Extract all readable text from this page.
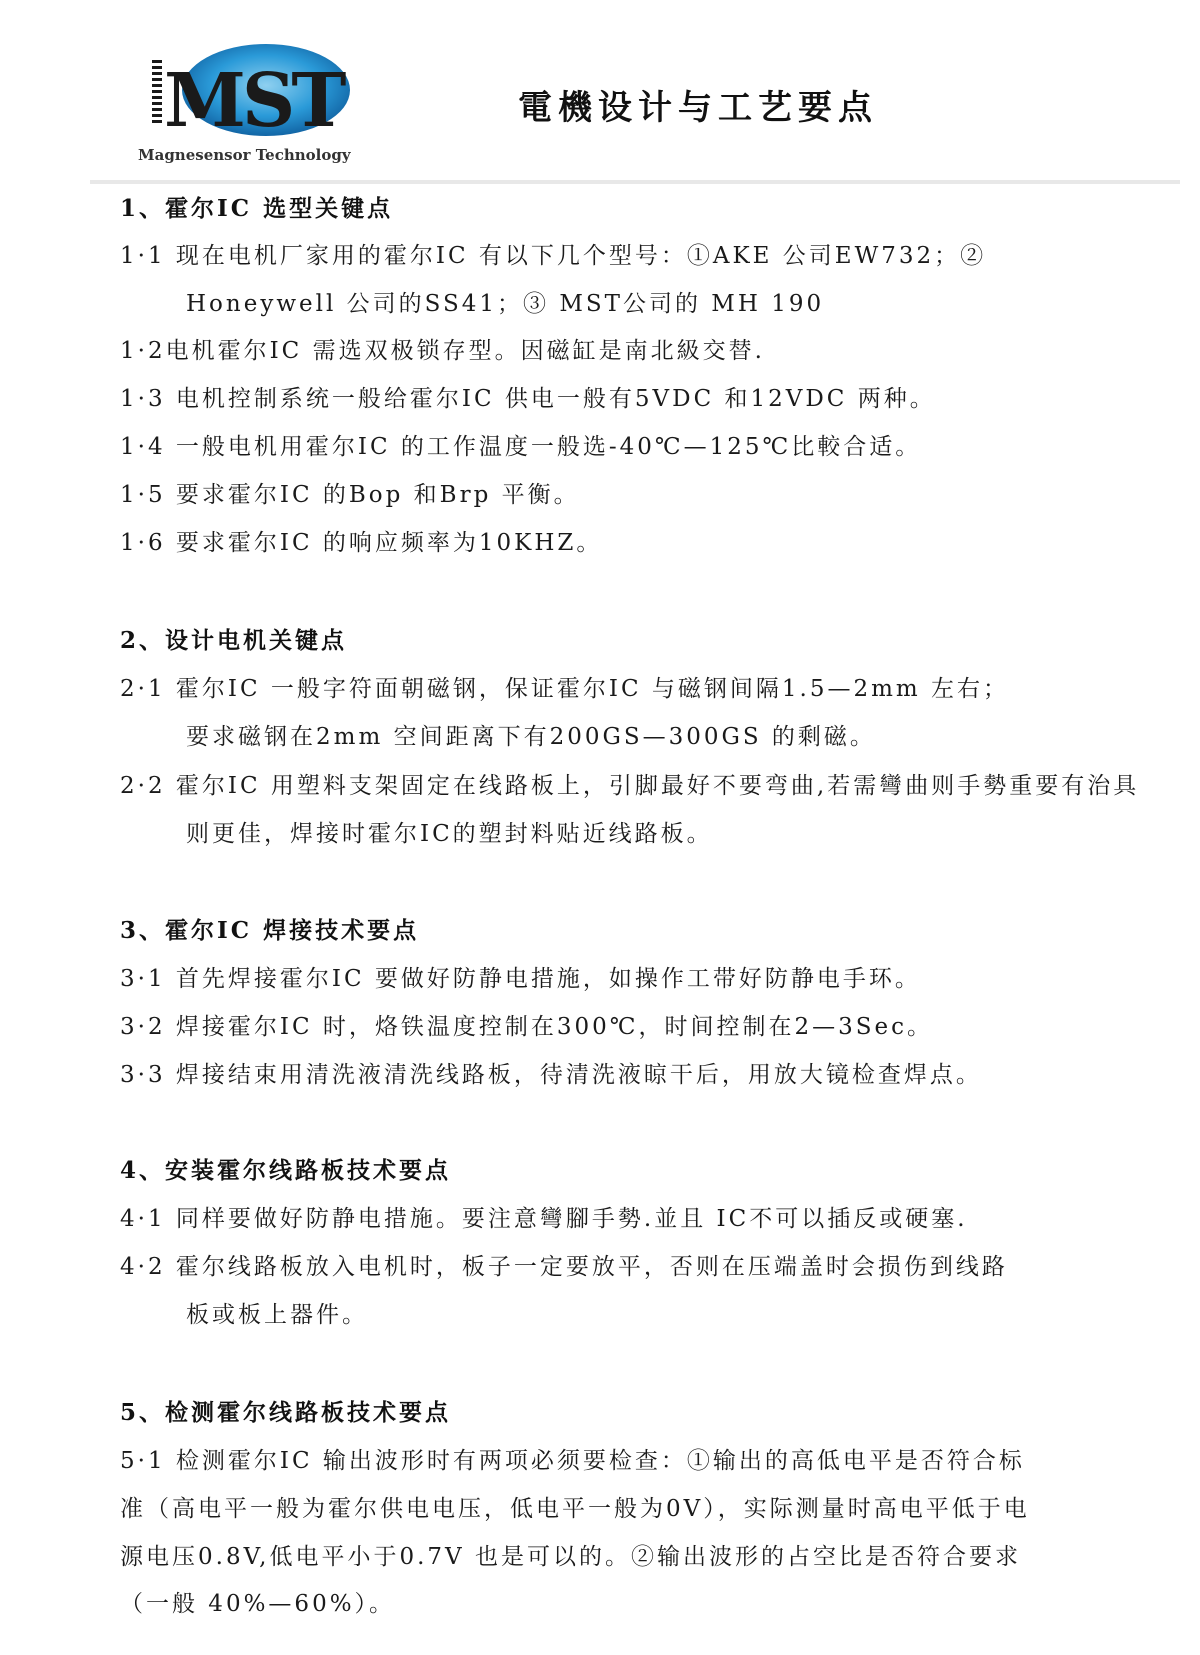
MST
Magnesensor Technology
電機设计与工艺要点
1、霍尔IC 选型关键点
1·1 现在电机厂家用的霍尔IC 有以下几个型号：①AKE 公司EW732；②
Honeywell 公司的SS41；③ MST公司的 MH 190
1·2电机霍尔IC 需选双极锁存型。因磁缸是南北級交替.
1·3 电机控制系统一般给霍尔IC 供电一般有5VDC 和12VDC 两种。
1·4 一般电机用霍尔IC 的工作温度一般选-40℃—125℃比較合适。
1·5 要求霍尔IC 的Bop 和Brp 平衡。
1·6 要求霍尔IC 的响应频率为10KHZ。
2、设计电机关键点
2·1 霍尔IC 一般字符面朝磁钢，保证霍尔IC 与磁钢间隔1.5—2mm 左右；
要求磁钢在2mm 空间距离下有200GS—300GS 的剩磁。
2·2 霍尔IC 用塑料支架固定在线路板上，引脚最好不要弯曲,若需彎曲则手勢重要有治具
则更佳，焊接时霍尔IC的塑封料贴近线路板。
3、霍尔IC 焊接技术要点
3·1 首先焊接霍尔IC 要做好防静电措施，如操作工带好防静电手环。
3·2 焊接霍尔IC 时，烙铁温度控制在300℃，时间控制在2—3Sec。
3·3 焊接结束用清洗液清洗线路板，待清洗液晾干后，用放大镜检查焊点。
4、安装霍尔线路板技术要点
4·1 同样要做好防静电措施。要注意彎腳手勢.並且 IC不可以插反或硬塞.
4·2 霍尔线路板放入电机时，板子一定要放平，否则在压端盖时会损伤到线路
板或板上器件。
5、检测霍尔线路板技术要点
5·1 检测霍尔IC 输出波形时有两项必须要检查：①输出的高低电平是否符合标
准（高电平一般为霍尔供电电压，低电平一般为0V），实际测量时高电平低于电
源电压0.8V,低电平小于0.7V 也是可以的。②输出波形的占空比是否符合要求
（一般 40%—60%）。
